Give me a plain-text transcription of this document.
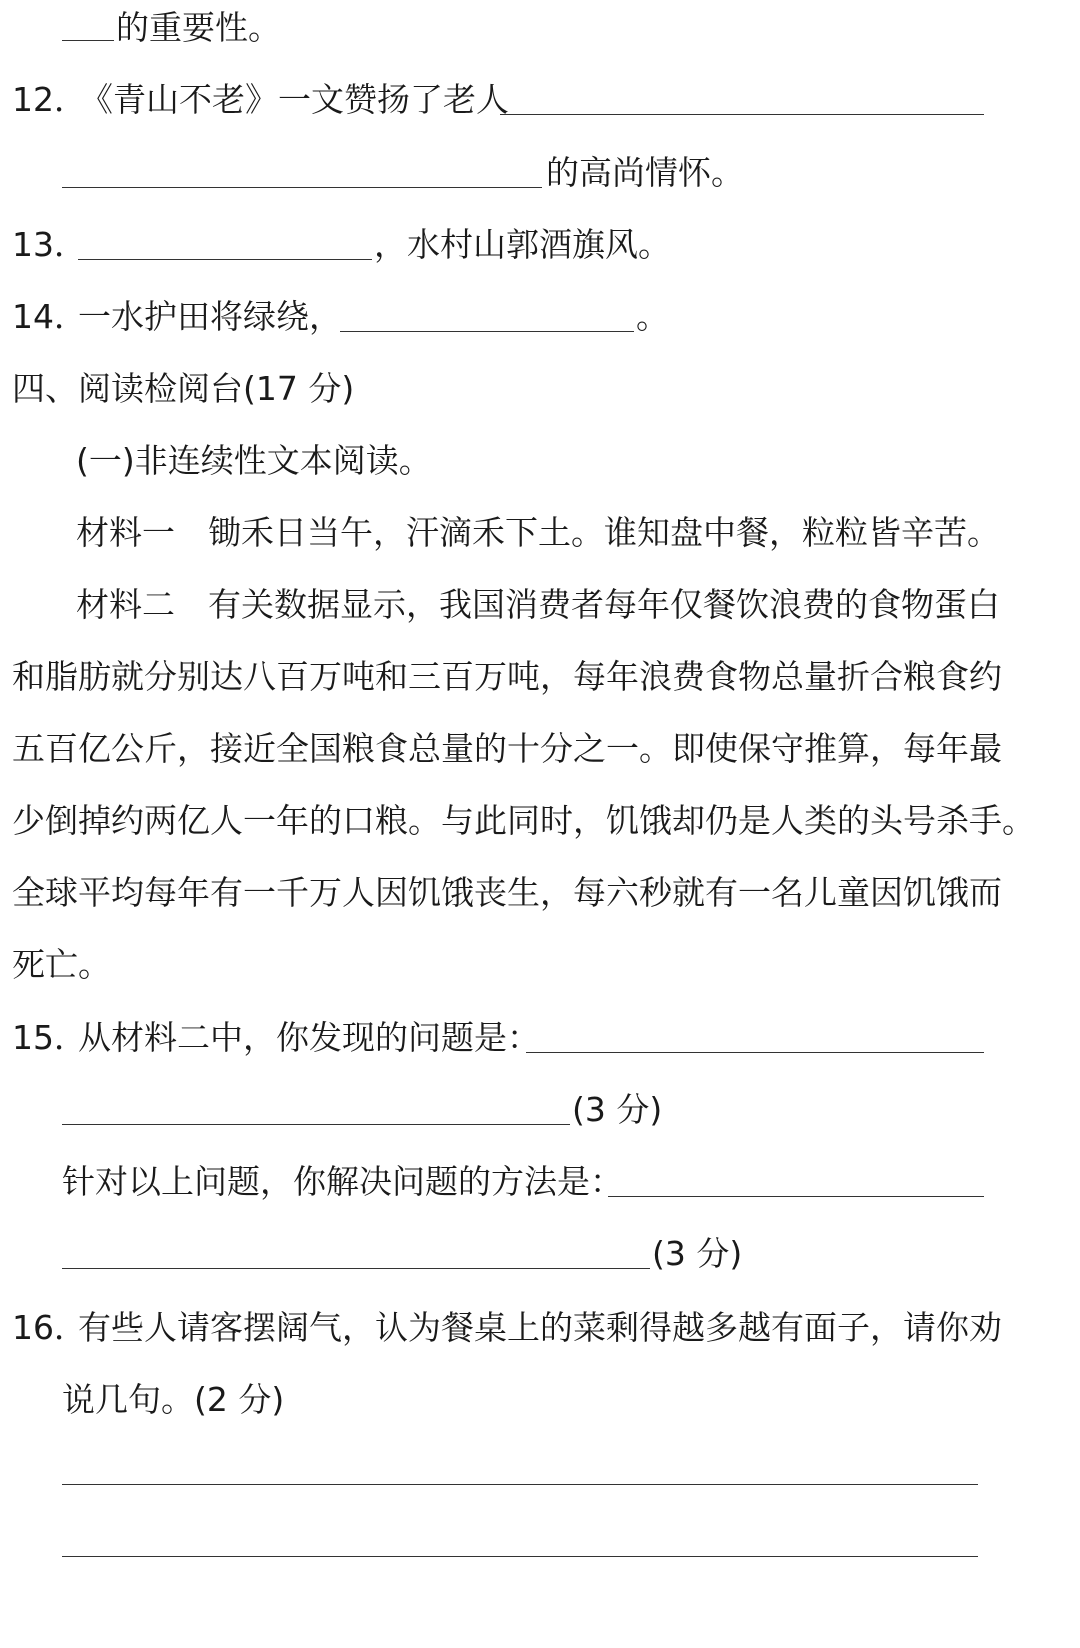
的重要性。
12．
《青山不老》一文赞扬了老人
的高尚情怀。
13．	，水村山郭酒旗风。
14．
一水护田将绿绕，	。
四、阅读检阅台(17 分)
(一)非连续性文本阅读。
材料一　锄禾日当午，汗滴禾下土。谁知盘中餐，粒粒皆辛苦。
材料二　有关数据显示，我国消费者每年仅餐饮浪费的食物蛋白
和脂肪就分别达八百万吨和三百万吨，每年浪费食物总量折合粮食约
五百亿公斤，接近全国粮食总量的十分之一。即使保守推算，每年最
少倒掉约两亿人一年的口粮。与此同时，饥饿却仍是人类的头号杀手。
全球平均每年有一千万人因饥饿丧生，每六秒就有一名儿童因饥饿而
死亡。
15．
从材料二中，你发现的问题是：
(3 分)
针对以上问题，你解决问题的方法是：
(3 分)
16．
有些人请客摆阔气，认为餐桌上的菜剩得越多越有面子，请你劝
说几句。(2 分)
